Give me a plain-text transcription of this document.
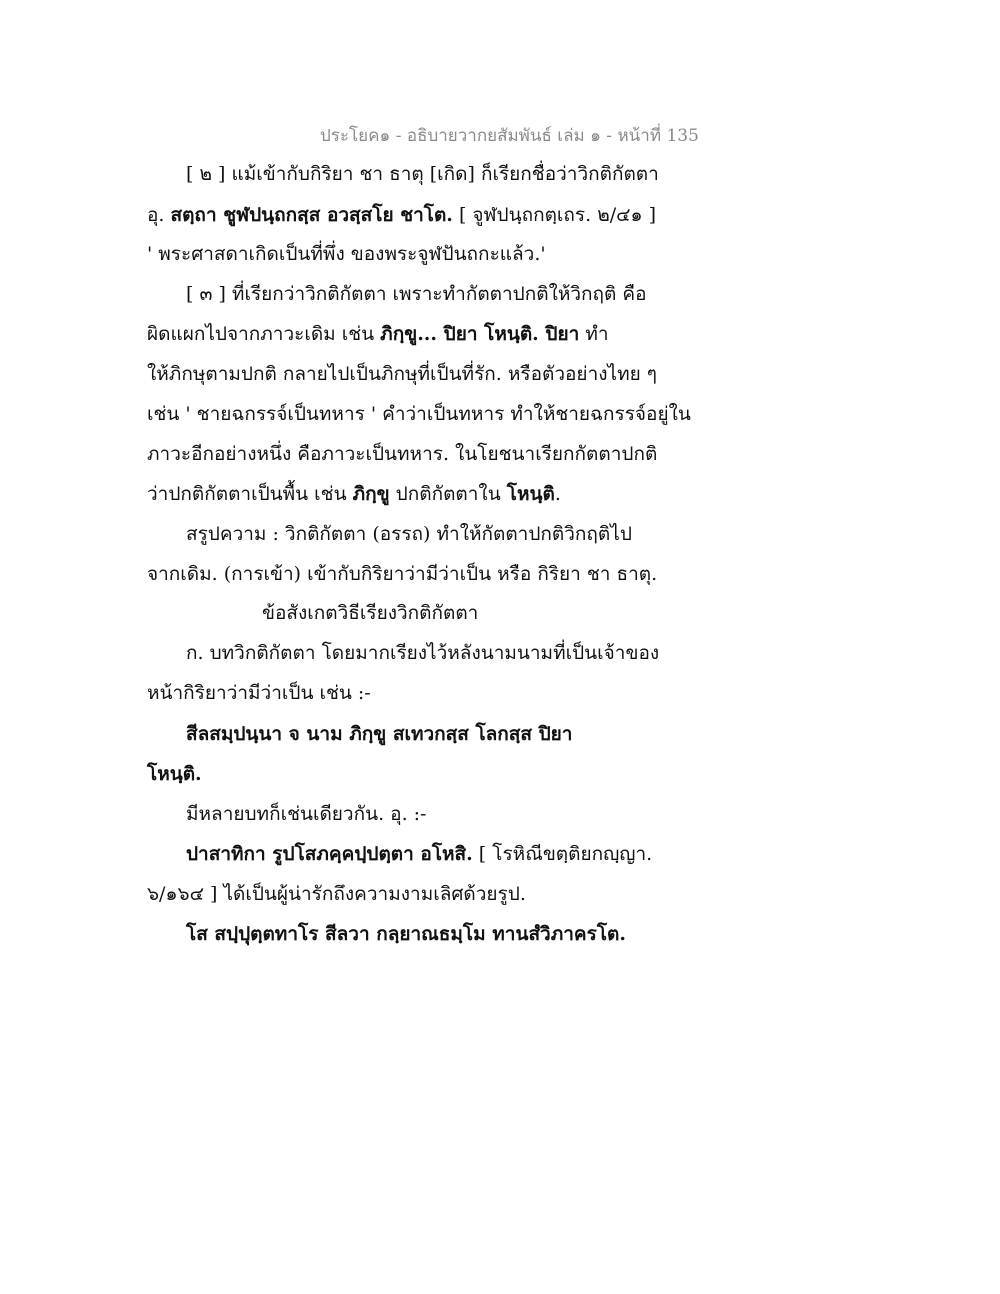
ประโยค๑ - อธิบายวากยสัมพันธ์ เล่ม ๑ - หน้าที่ 135
[ ๒ ] แม้เข้ากับกิริยา ชา ธาตุ [เกิด] ก็เรียกชื่อว่าวิกติกัตตา
อุ. สตฺถา ชูฬปนฺถกสฺส อวสฺสโย ชาโต. [ จูฬปนฺถกตฺเถร. ๒/๔๑ ]
' พระศาสดาเกิดเป็นที่พึ่ง ของพระจูฬปันถกะแล้ว.'
[ ๓ ] ที่เรียกว่าวิกติกัตตา เพราะทำกัตตาปกติให้วิกฤติ คือ
ผิดแผกไปจากภาวะเดิม เช่น ภิกฺขู... ปิยา โหนฺติ. ปิยา ทำ
ให้ภิกษุตามปกติ กลายไปเป็นภิกษุที่เป็นที่รัก. หรือตัวอย่างไทย ๆ
เช่น ' ชายฉกรรจ์เป็นทหาร ' คำว่าเป็นทหาร ทำให้ชายฉกรรจ์อยู่ใน
ภาวะอีกอย่างหนึ่ง คือภาวะเป็นทหาร. ในโยชนาเรียกกัตตาปกติ
ว่าปกติกัตตาเป็นพื้น เช่น ภิกฺขู ปกติกัตตาใน โหนฺติ.
สรูปความ : วิกติกัตตา (อรรถ) ทำให้กัตตาปกติวิกฤติไป
จากเดิม. (การเข้า) เข้ากับกิริยาว่ามีว่าเป็น หรือ กิริยา ชา ธาตุ.
ข้อสังเกตวิธีเรียงวิกติกัตตา
ก. บทวิกติกัตตา โดยมากเรียงไว้หลังนามนามที่เป็นเจ้าของ
หน้ากิริยาว่ามีว่าเป็น เช่น :-
สีลสมฺปนฺนา จ นาม ภิกฺขู สเทวกสฺส โลกสฺส ปิยา
โหนฺติ.
มีหลายบทก็เช่นเดียวกัน. อุ. :-
ปาสาทิกา รูปโสภคฺคปฺปตฺตา อโหสิ. [ โรหิณีขตฺติยกญฺญา.
๖/๑๖๔ ] ได้เป็นผู้น่ารักถึงความงามเลิศด้วยรูป.
โส สปฺปุตฺตทาโร สีลวา กลฺยาณธมฺโม ทานสํวิภาครโต.
